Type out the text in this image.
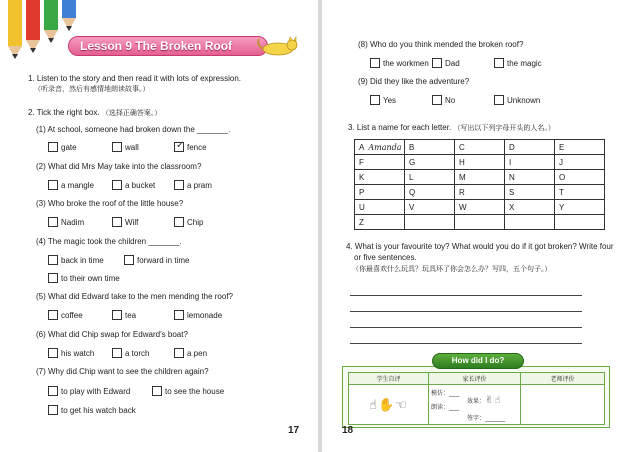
Lesson 9 The Broken Roof
1. Listen to the story and then read it with lots of expression.
（听录音，然后有感情地朗读故事。）
2. Tick the right box. （选择正确答案。）
(1) At school, someone had broken down the _______.
gate	wall ✓	fence
(2) What did Mrs May take into the classroom?
a mangle	a bucket	a pram
(3) Who broke the roof of the little house?
Nadim	Wilf	Chip
(4) The magic took the children _______.
back in time	forward in time
to their own time
(5) What did Edward take to the men mending the roof?
coffee	tea	lemonade
(6) What did Chip swap for Edward’s boat?
his watch	a torch	a pen
(7) Why did Chip want to see the children again?
to play with Edward	to see the house
to get his watch back
17
(8) Who do you think mended the broken roof?
the workmen Dad	the magic
(9) Did they like the adventure?
Yes	No	Unknown
3. List a name for each letter. （写出以下列字母开头的人名。）
A Amanda	B	C	D	E
F	G	H	I	J
K	L	M	N	O
P	Q	R	S	T
U	V	W	X	Y
Z				
4. What is your favourite toy? What would you do if it got broken? Write four
or five sentences.
（你最喜欢什么玩具？玩具坏了你会怎么办？写四，五个句子。）
How did I do?
学生自评	家长评价	老师评价
☝✋☜	模仿：___
朗读：___
效果：✌☝
签字：______	

18
